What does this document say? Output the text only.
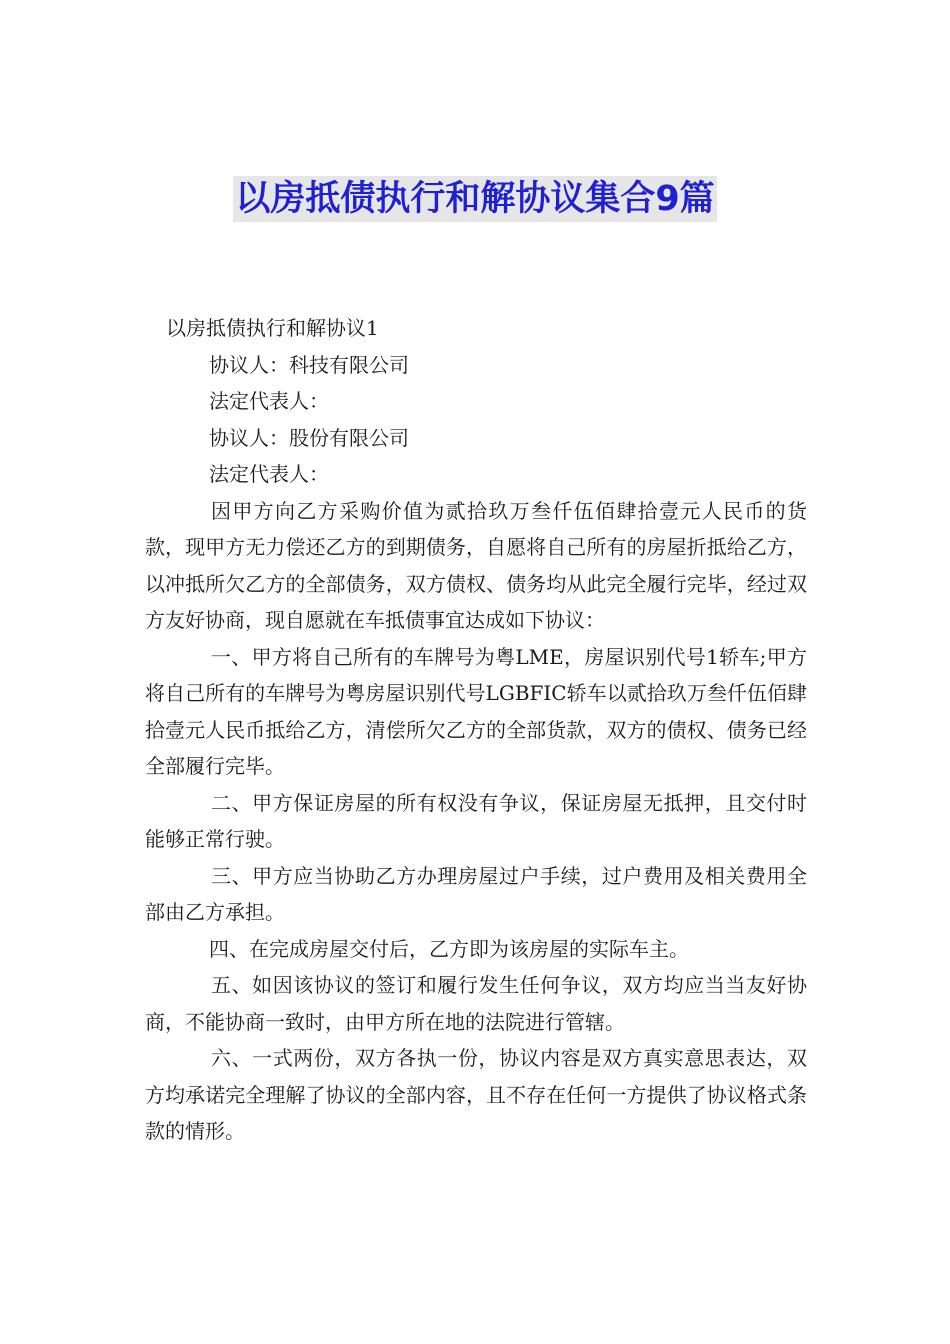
以房抵债执行和解协议集合9篇

以房抵债执行和解协议1

协议人：科技有限公司

法定代表人：

协议人：股份有限公司

法定代表人：

因甲方向乙方采购价值为贰拾玖万叁仟伍佰肆拾壹元人民币的货款，现甲方无力偿还乙方的到期债务，自愿将自己所有的房屋折抵给乙方，以冲抵所欠乙方的全部债务，双方债权、债务均从此完全履行完毕，经过双方友好协商，现自愿就在车抵债事宜达成如下协议：

一、甲方将自己所有的车牌号为粤LME，房屋识别代号1轿车;甲方将自己所有的车牌号为粤房屋识别代号LGBFIC轿车以贰拾玖万叁仟伍佰肆拾壹元人民币抵给乙方，清偿所欠乙方的全部货款，双方的债权、债务已经全部履行完毕。

二、甲方保证房屋的所有权没有争议，保证房屋无抵押，且交付时能够正常行驶。

三、甲方应当协助乙方办理房屋过户手续，过户费用及相关费用全部由乙方承担。

四、在完成房屋交付后，乙方即为该房屋的实际车主。

五、如因该协议的签订和履行发生任何争议，双方均应当当友好协商，不能协商一致时，由甲方所在地的法院进行管辖。

六、一式两份，双方各执一份，协议内容是双方真实意思表达，双方均承诺完全理解了协议的全部内容，且不存在任何一方提供了协议格式条款的情形。
